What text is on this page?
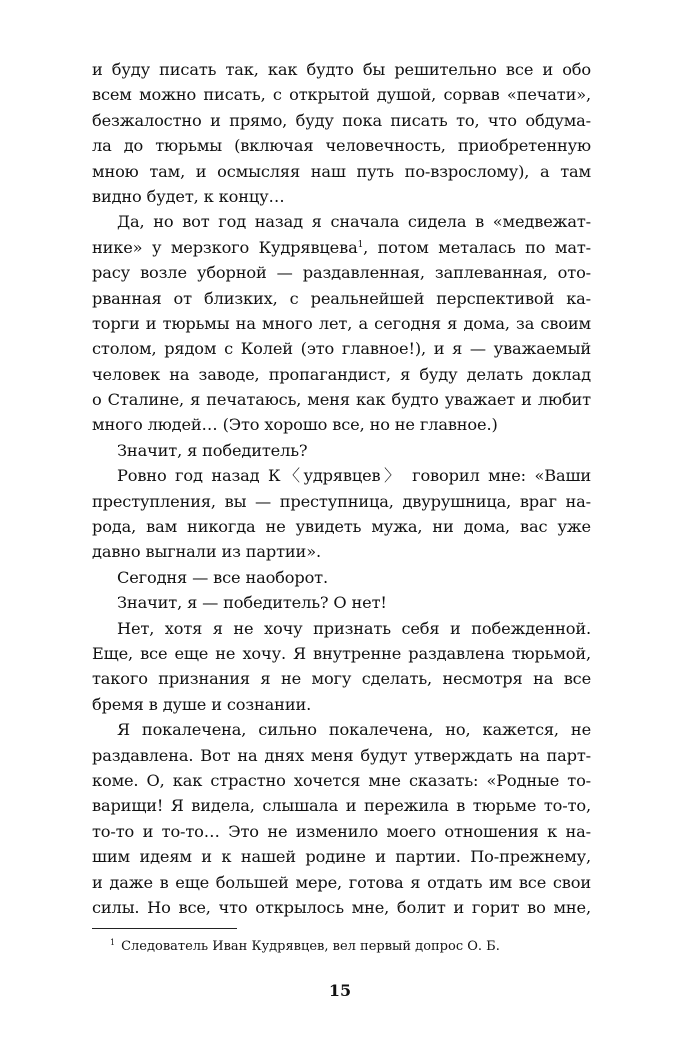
и буду писать так, как будто бы решительно все и обо
всем можно писать, с открытой душой, сорвав «печати»,
безжалостно и прямо, буду пока писать то, что обдума-
ла до тюрьмы (включая человечность, приобретенную
мною там, и осмысляя наш путь по-взрослому), а там
видно будет, к концу…
Да, но вот год назад я сначала сидела в «медвежат-
нике» у мерзкого Кудрявцева$^1$, потом металась по мат-
расу возле уборной — раздавленная, заплеванная, ото-
рванная от близких, с реальнейшей перспективой ка-
торги и тюрьмы на много лет, а сегодня я дома, за своим
столом, рядом с Колей (это главное!), и я — уважаемый
человек на заводе, пропагандист, я буду делать доклад
о Сталине, я печатаюсь, меня как будто уважает и любит
много людей… (Это хорошо все, но не главное.)
Значит, я победитель?
Ровно год назад К〈удрявцев〉 говорил мне: «Ваши
преступления, вы — преступница, двурушница, враг на-
рода, вам никогда не увидеть мужа, ни дома, вас уже
давно выгнали из партии».
Сегодня — все наоборот.
Значит, я — победитель? О нет!
Нет, хотя я не хочу признать себя и побежденной.
Еще, все еще не хочу. Я внутренне раздавлена тюрьмой,
такого признания я не могу сделать, несмотря на все
бремя в душе и сознании.
Я покалечена, сильно покалечена, но, кажется, не
раздавлена. Вот на днях меня будут утверждать на парт-
коме. О, как страстно хочется мне сказать: «Родные то-
варищи! Я видела, слышала и пережила в тюрьме то-то,
то-то и то-то… Это не изменило моего отношения к на-
шим идеям и к нашей родине и партии. По-прежнему,
и даже в еще большей мере, готова я отдать им все свои
силы. Но все, что открылось мне, болит и горит во мне,
$^1$ Следователь Иван Кудрявцев, вел первый допрос О. Б.
15
